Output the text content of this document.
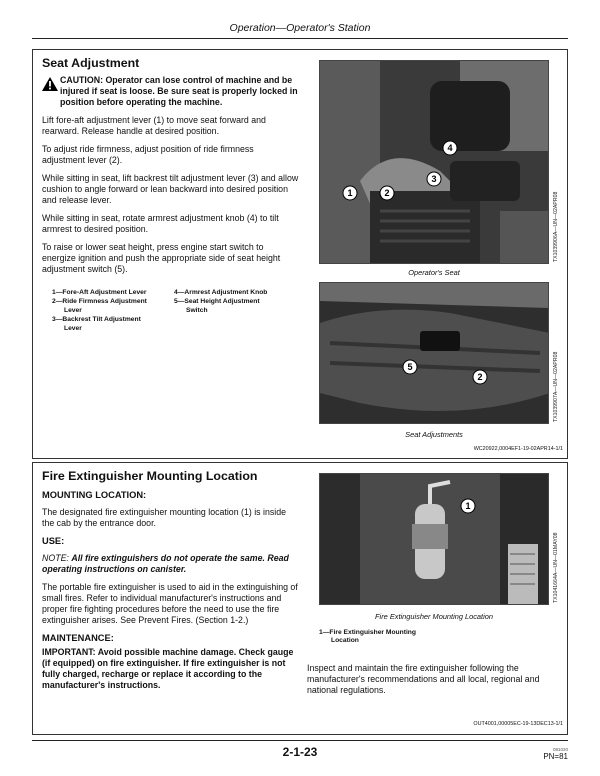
Operation—Operator's Station
Seat Adjustment
CAUTION: Operator can lose control of machine and be injured if seat is loose. Be sure seat is properly locked in position before operating the machine.
Lift fore-aft adjustment lever (1) to move seat forward and rearward. Release handle at desired position.
To adjust ride firmness, adjust position of ride firmness adjustment lever (2).
While sitting in seat, lift backrest tilt adjustment lever (3) and allow cushion to angle forward or lean backward into desired position and release lever.
While sitting in seat, rotate armrest adjustment knob (4) to tilt armrest to desired position.
To raise or lower seat height, press engine start switch to energize ignition and push the appropriate side of seat height adjustment switch (5).
1—Fore-Aft Adjustment Lever
2—Ride Firmness Adjustment
Lever
3—Backrest Tilt Adjustment
Lever
4—Armrest Adjustment Knob
5—Seat Height Adjustment
Switch
4
1	2
3
TX1039906A—UN—02APR08
Operator's Seat
5
2	TX1039907A—UN—02APR08
Seat Adjustments
WC20922,0004EF1-19-02APR14-1/1
Fire Extinguisher Mounting Location
MOUNTING LOCATION:
The designated fire extinguisher mounting location (1) is inside the cab by the entrance door.
USE:
NOTE: All fire extinguishers do not operate the same. Read operating instructions on canister.
The portable fire extinguisher is used to aid in the extinguishing of small fires. Refer to individual manufacturer's instructions and proper fire fighting procedures before the need to use the fire extinguisher arises. See Prevent Fires. (Section 1-2.)
MAINTENANCE:
IMPORTANT: Avoid possible machine damage. Check gauge (if equipped) on fire extinguisher. If fire extinguisher is not fully charged, recharge or replace it according to the manufacturer's instructions.
1
TX1041664A—UN—01MAY08
Fire Extinguisher Mounting Location
1—Fire Extinguisher Mounting
Location
Inspect and maintain the fire extinguisher following the manufacturer's recommendations and all local, regional and national regulations.
OUT4001,00005EC-19-13DEC13-1/1
2-1-23	081020
PN=81
